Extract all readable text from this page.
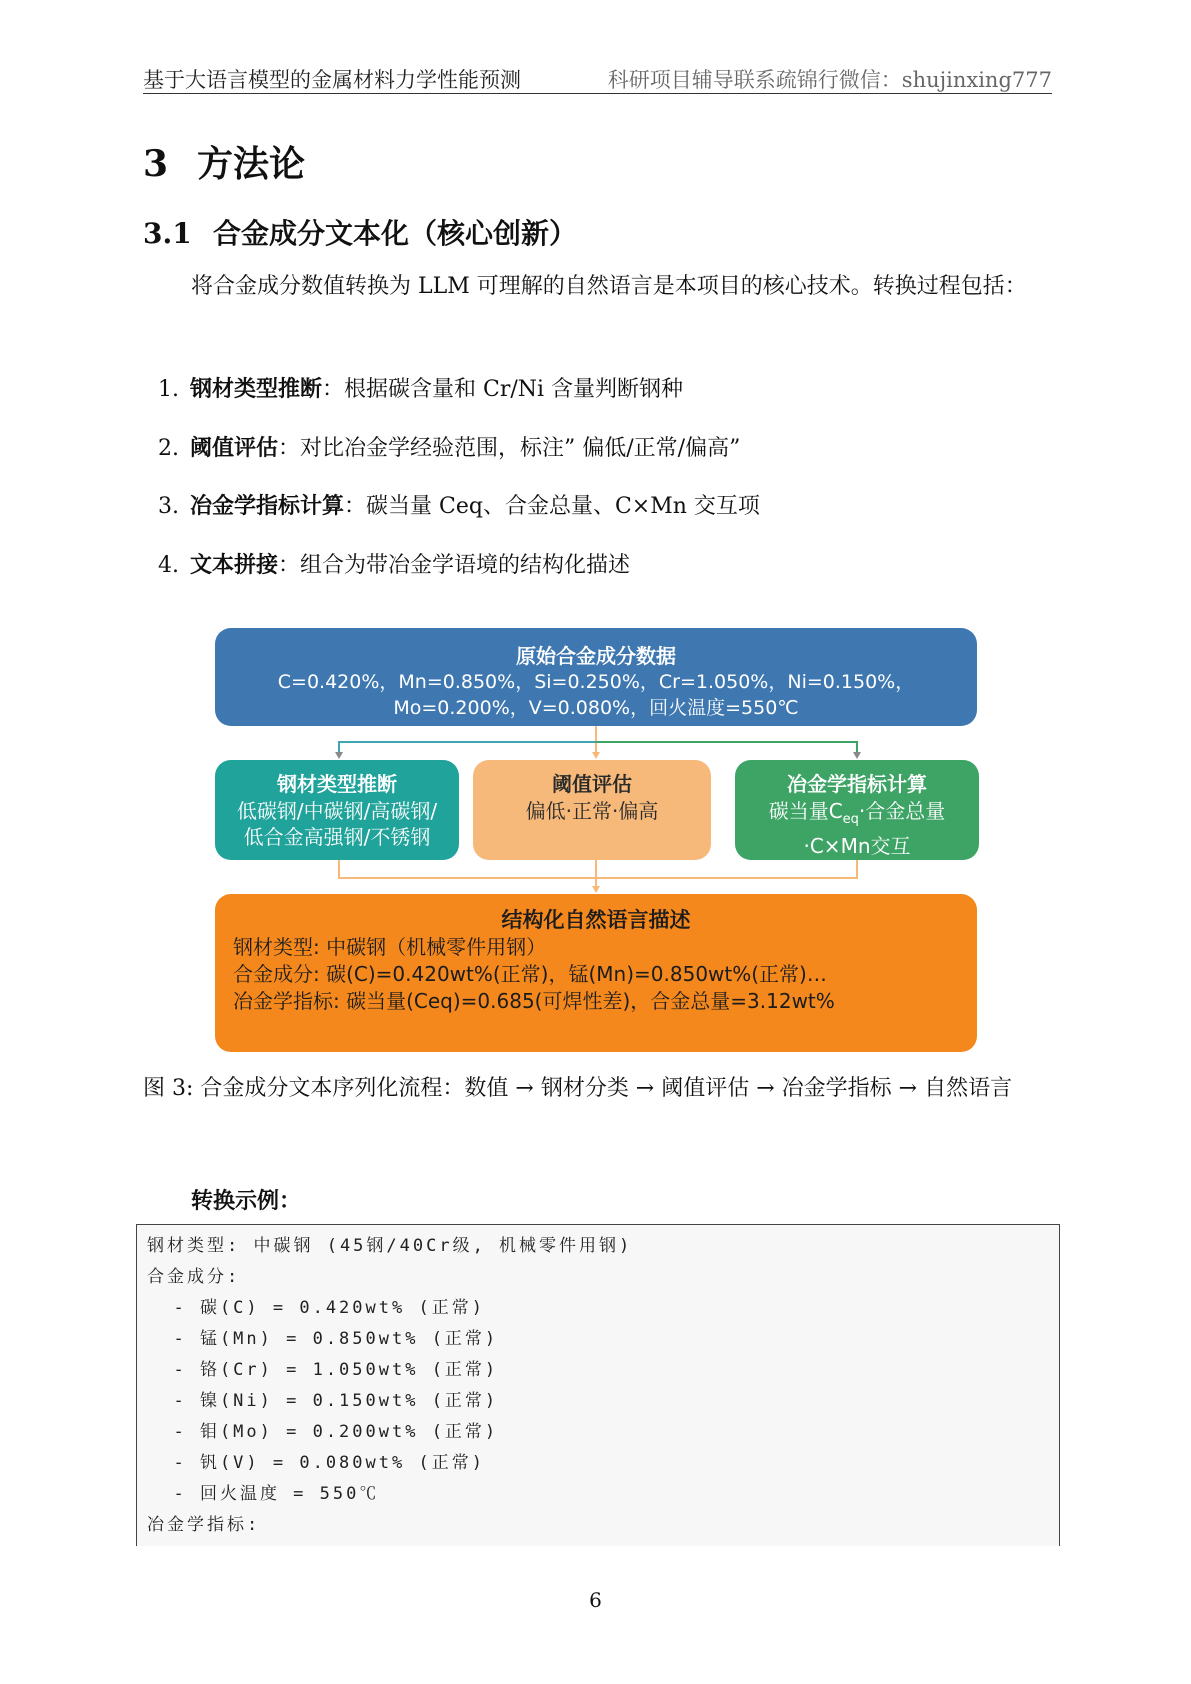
基于大语言模型的金属材料力学性能预测	科研项目辅导联系疏锦行微信：shujinxing777
3 方法论
3.1 合金成分文本化（核心创新）
将合金成分数值转换为 LLM 可理解的自然语言是本项目的核心技术。转换过程包括：
1. 钢材类型推断：根据碳含量和 Cr/Ni 含量判断钢种
2. 阈值评估：对比冶金学经验范围，标注” 偏低/正常/偏高”
3. 冶金学指标计算：碳当量 Ceq、合金总量、C×Mn 交互项
4. 文本拼接：组合为带冶金学语境的结构化描述
原始合金成分数据
C=0.420%，Mn=0.850%，Si=0.250%，Cr=1.050%，Ni=0.150%，
Mo=0.200%，V=0.080%，回火温度=550℃
钢材类型推断
低碳钢/中碳钢/高碳钢/
低合金高强钢/不锈钢
阈值评估
偏低·正常·偏高
冶金学指标计算
碳当量$C_{eq}\cdot$合金总量
·C×Mn交互
结构化自然语言描述
钢材类型: 中碳钢（机械零件用钢）
合金成分: 碳(C)=0.420wt%(正常)，锰(Mn)=0.850wt%(正常)…
冶金学指标: 碳当量(Ceq)=0.685(可焊性差)，合金总量=3.12wt%
图 3: 合金成分文本序列化流程：数值 → 钢材分类 → 阈值评估 → 冶金学指标 → 自然语言
转换示例：
钢材类型: 中碳钢 (45钢/40Cr级, 机械零件用钢)
合金成分:
- 碳(C) = 0.420wt% (正常)
- 锰(Mn) = 0.850wt% (正常)
- 铬(Cr) = 1.050wt% (正常)
- 镍(Ni) = 0.150wt% (正常)
- 钼(Mo) = 0.200wt% (正常)
- 钒(V) = 0.080wt% (正常)
- 回火温度 = 550℃
冶金学指标:
6
